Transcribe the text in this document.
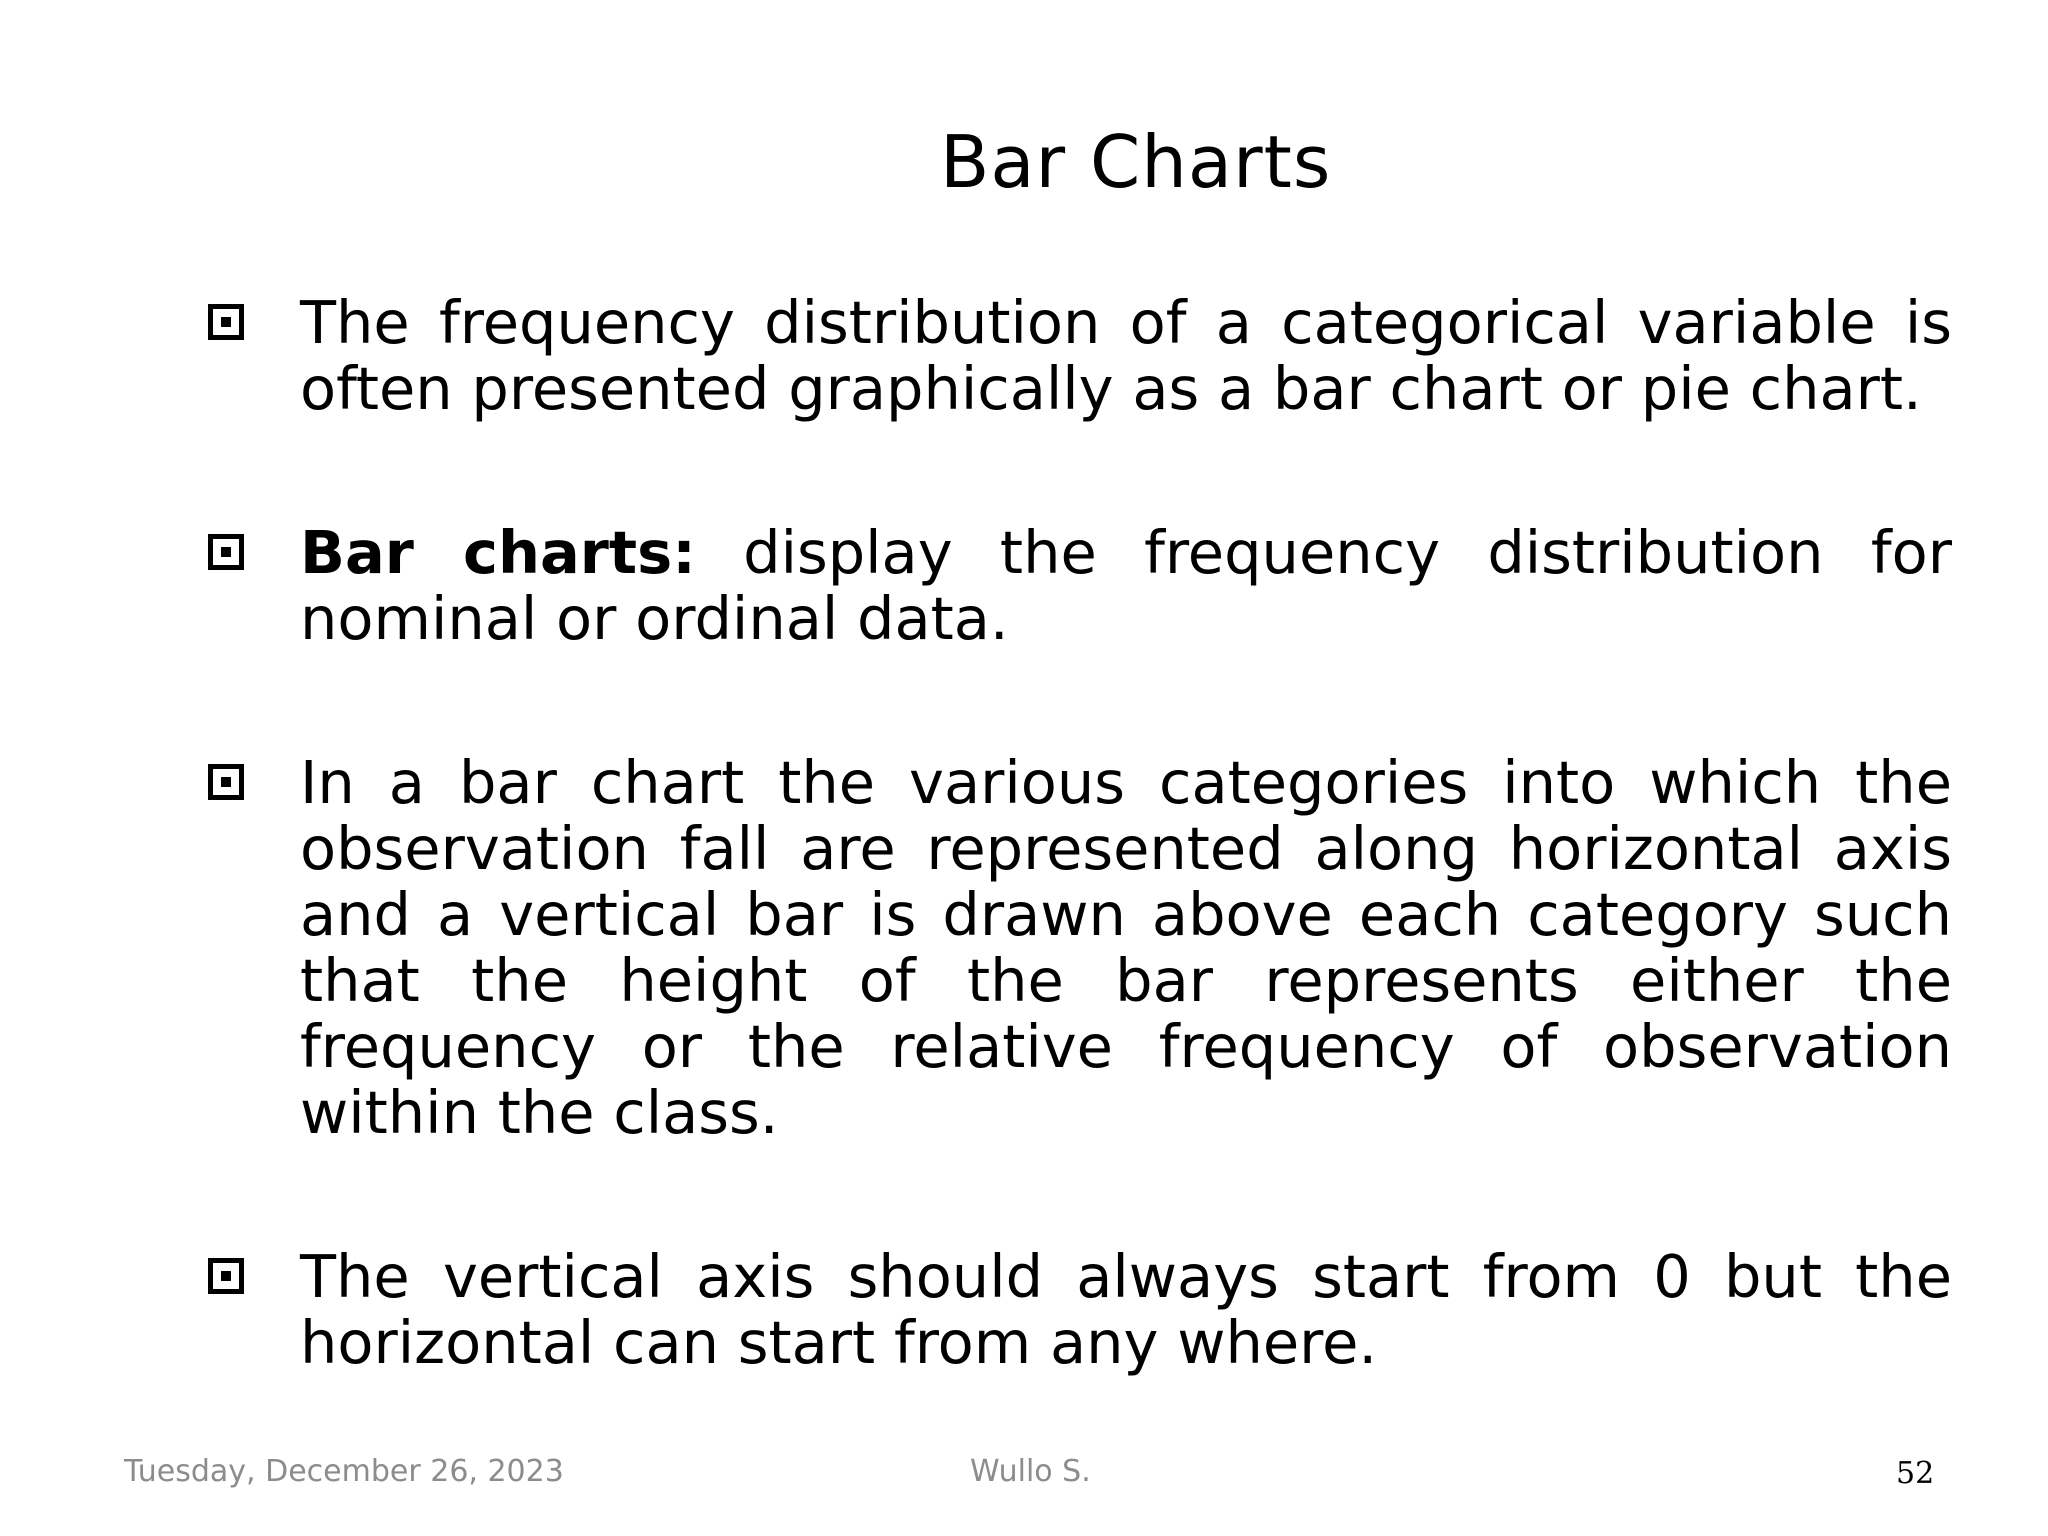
Bar Charts
The frequency distribution of a categorical variable is often presented graphically as a bar chart or pie chart.
Bar charts: display the frequency distribution for nominal or ordinal data.
In a bar chart the various categories into which the observation fall are represented along horizontal axis and a vertical bar is drawn above each category such that the height of the bar represents either the frequency or the relative frequency of observation within the class.
The vertical axis should always start from 0 but the horizontal can start from any where.
Tuesday, December 26, 2023	Wullo S.	52
